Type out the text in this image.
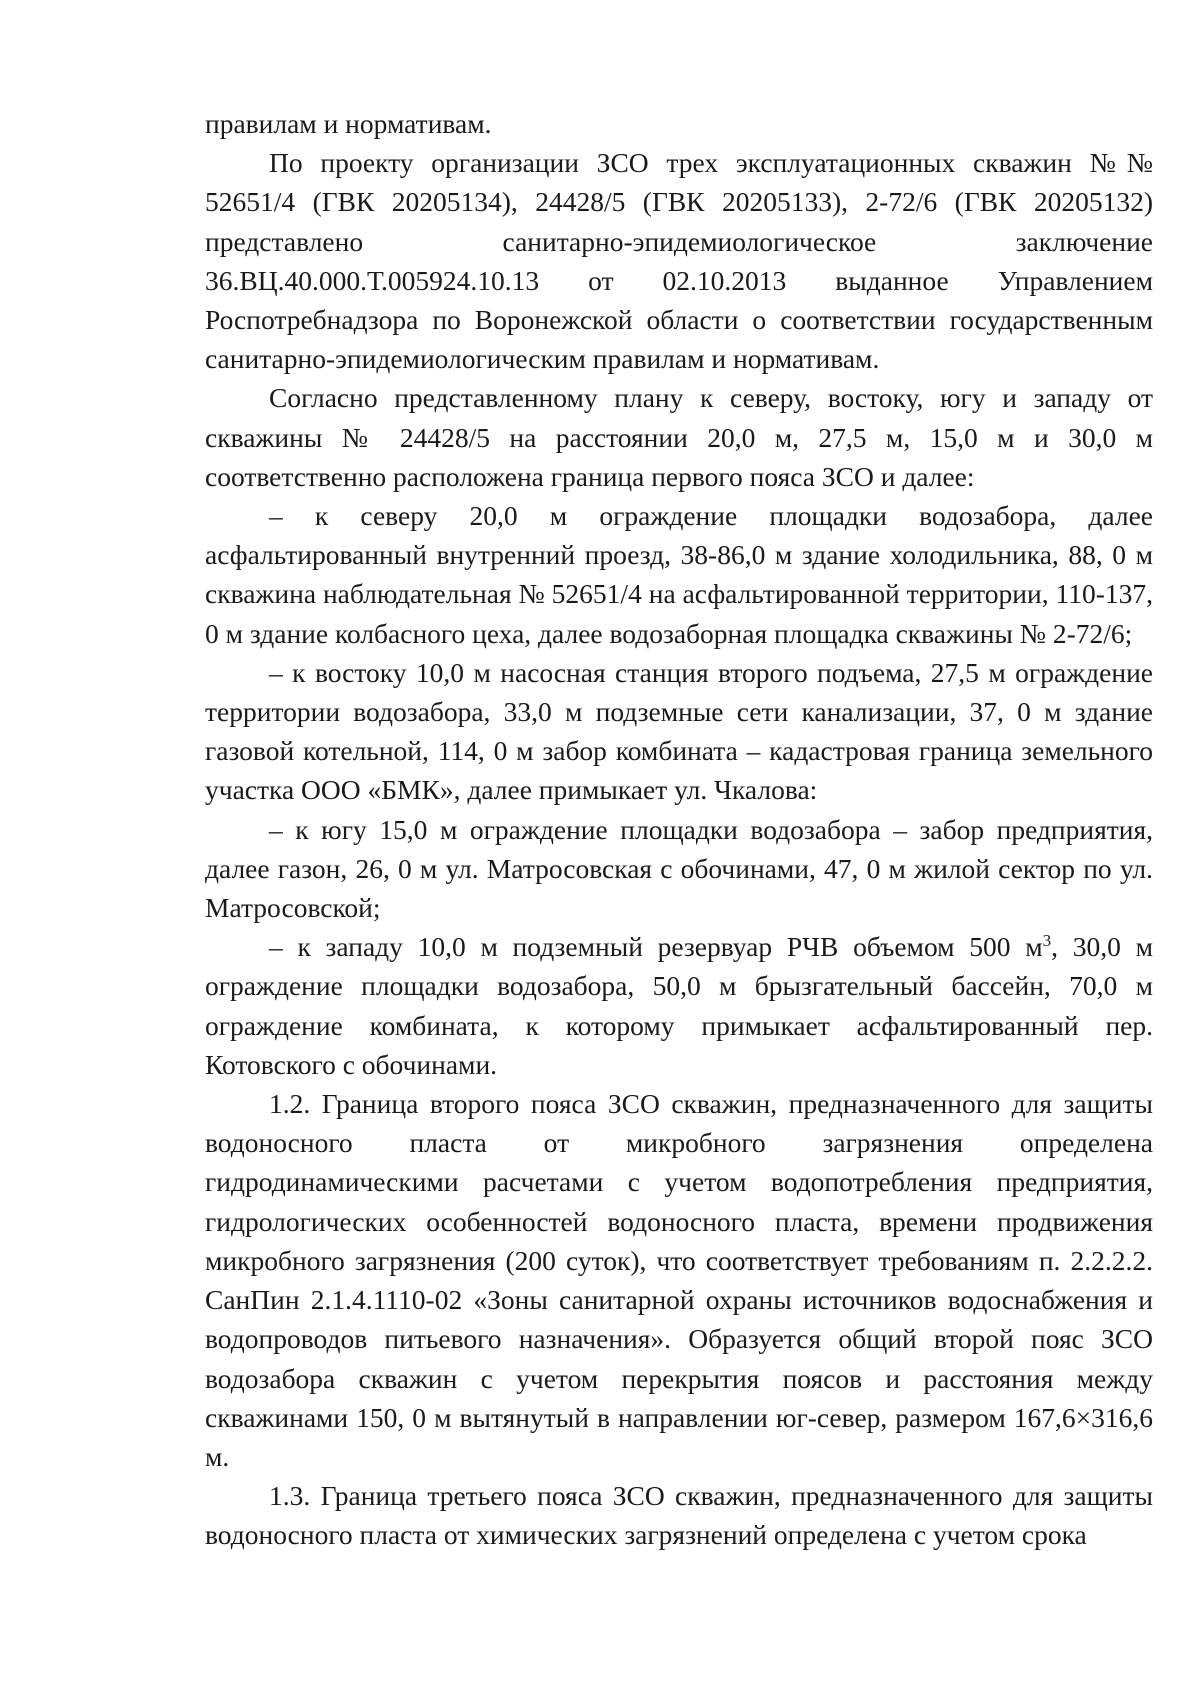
правилам и нормативам.

По проекту организации ЗСО трех эксплуатационных скважин №№ 52651/4 (ГВК 20205134), 24428/5 (ГВК 20205133), 2-72/6 (ГВК 20205132) представлено санитарно-эпидемиологическое заключение 36.ВЦ.40.000.Т.005924.10.13 от 02.10.2013 выданное Управлением Роспотребнадзора по Воронежской области о соответствии государственным санитарно-эпидемиологическим правилам и нормативам.

Согласно представленному плану к северу, востоку, югу и западу от скважины № 24428/5 на расстоянии 20,0 м, 27,5 м, 15,0 м и 30,0 м соответственно расположена граница первого пояса ЗСО и далее:

– к северу 20,0 м ограждение площадки водозабора, далее асфальтированный внутренний проезд, 38-86,0 м здание холодильника, 88, 0 м скважина наблюдательная № 52651/4 на асфальтированной территории, 110-137, 0 м здание колбасного цеха, далее водозаборная площадка скважины № 2-72/6;

– к востоку 10,0 м насосная станция второго подъема, 27,5 м ограждение территории водозабора, 33,0 м подземные сети канализации, 37, 0 м здание газовой котельной, 114, 0 м забор комбината – кадастровая граница земельного участка ООО «БМК», далее примыкает ул. Чкалова:

– к югу 15,0 м ограждение площадки водозабора – забор предприятия, далее газон, 26, 0 м ул. Матросовская с обочинами, 47, 0 м жилой сектор по ул. Матросовской;

– к западу 10,0 м подземный резервуар РЧВ объемом 500 $м^3$, 30,0 м ограждение площадки водозабора, 50,0 м брызгательный бассейн, 70,0 м ограждение комбината, к которому примыкает асфальтированный пер. Котовского с обочинами.

1.2. Граница второго пояса ЗСО скважин, предназначенного для защиты водоносного пласта от микробного загрязнения определена гидродинамическими расчетами с учетом водопотребления предприятия, гидрологических особенностей водоносного пласта, времени продвижения микробного загрязнения (200 суток), что соответствует требованиям п. 2.2.2.2. СанПин 2.1.4.1110-02 «Зоны санитарной охраны источников водоснабжения и водопроводов питьевого назначения». Образуется общий второй пояс ЗСО водозабора скважин с учетом перекрытия поясов и расстояния между скважинами 150, 0 м вытянутый в направлении юг-север, размером 167,6×316,6 м.

1.3. Граница третьего пояса ЗСО скважин, предназначенного для защиты водоносного пласта от химических загрязнений определена с учетом срока
